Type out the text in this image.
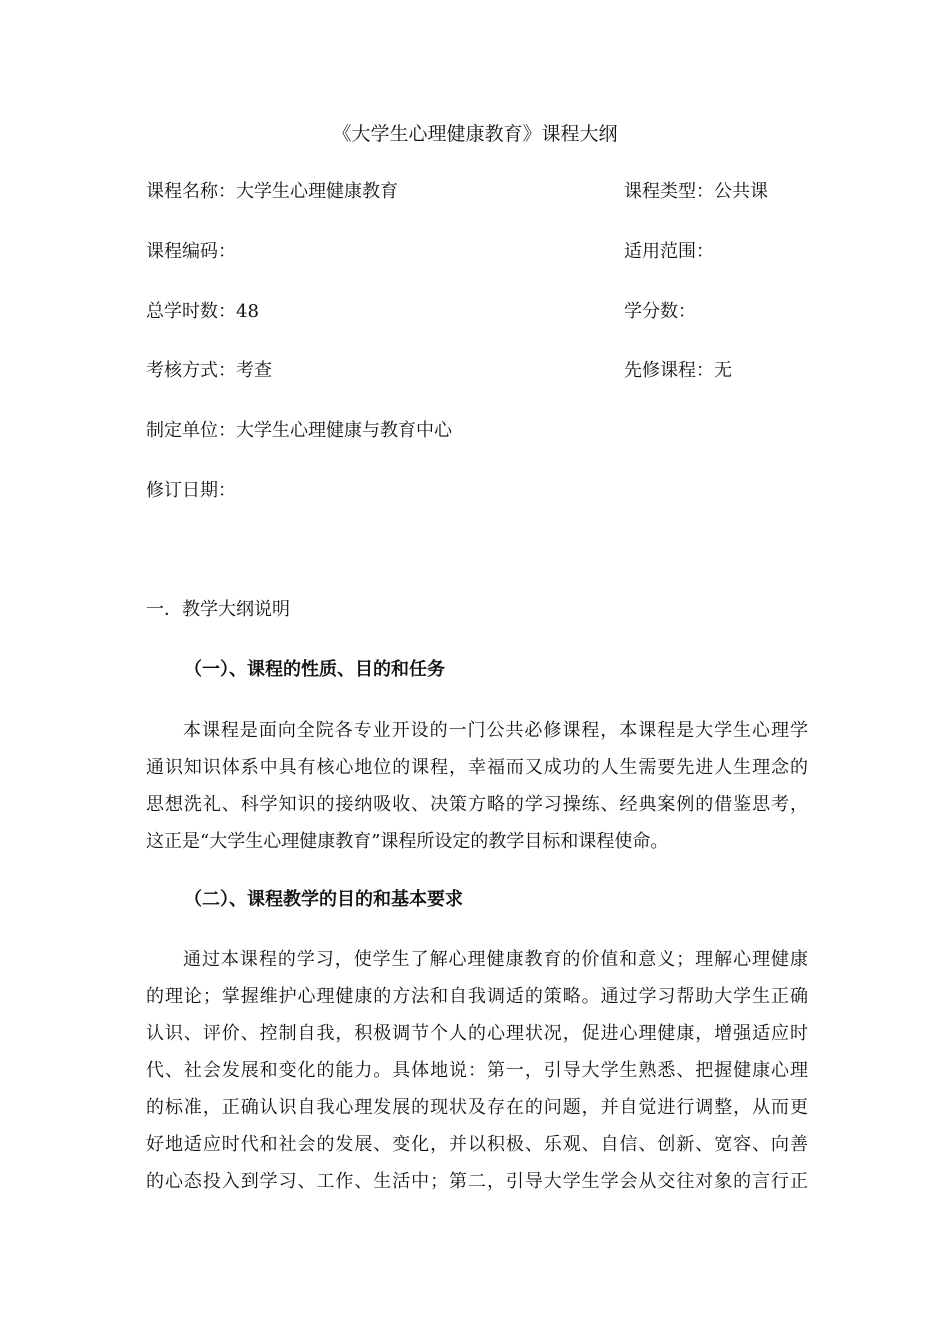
《大学生心理健康教育》课程大纲
课程名称：大学生心理健康教育	课程类型：公共课
课程编码：	适用范围：
总学时数：48	学分数：
考核方式：考查	先修课程：无
制定单位：大学生心理健康与教育中心
修订日期：
一．教学大纲说明
（一）、课程的性质、目的和任务
本课程是面向全院各专业开设的一门公共必修课程，本课程是大学生心理学
通识知识体系中具有核心地位的课程，幸福而又成功的人生需要先进人生理念的
思想洗礼、科学知识的接纳吸收、决策方略的学习操练、经典案例的借鉴思考，
这正是“大学生心理健康教育”课程所设定的教学目标和课程使命。
（二）、课程教学的目的和基本要求
通过本课程的学习，使学生了解心理健康教育的价值和意义；理解心理健康
的理论；掌握维护心理健康的方法和自我调适的策略。通过学习帮助大学生正确
认识、评价、控制自我，积极调节个人的心理状况，促进心理健康，增强适应时
代、社会发展和变化的能力。具体地说：第一，引导大学生熟悉、把握健康心理
的标准，正确认识自我心理发展的现状及存在的问题，并自觉进行调整，从而更
好地适应时代和社会的发展、变化，并以积极、乐观、自信、创新、宽容、向善
的心态投入到学习、工作、生活中；第二，引导大学生学会从交往对象的言行正
